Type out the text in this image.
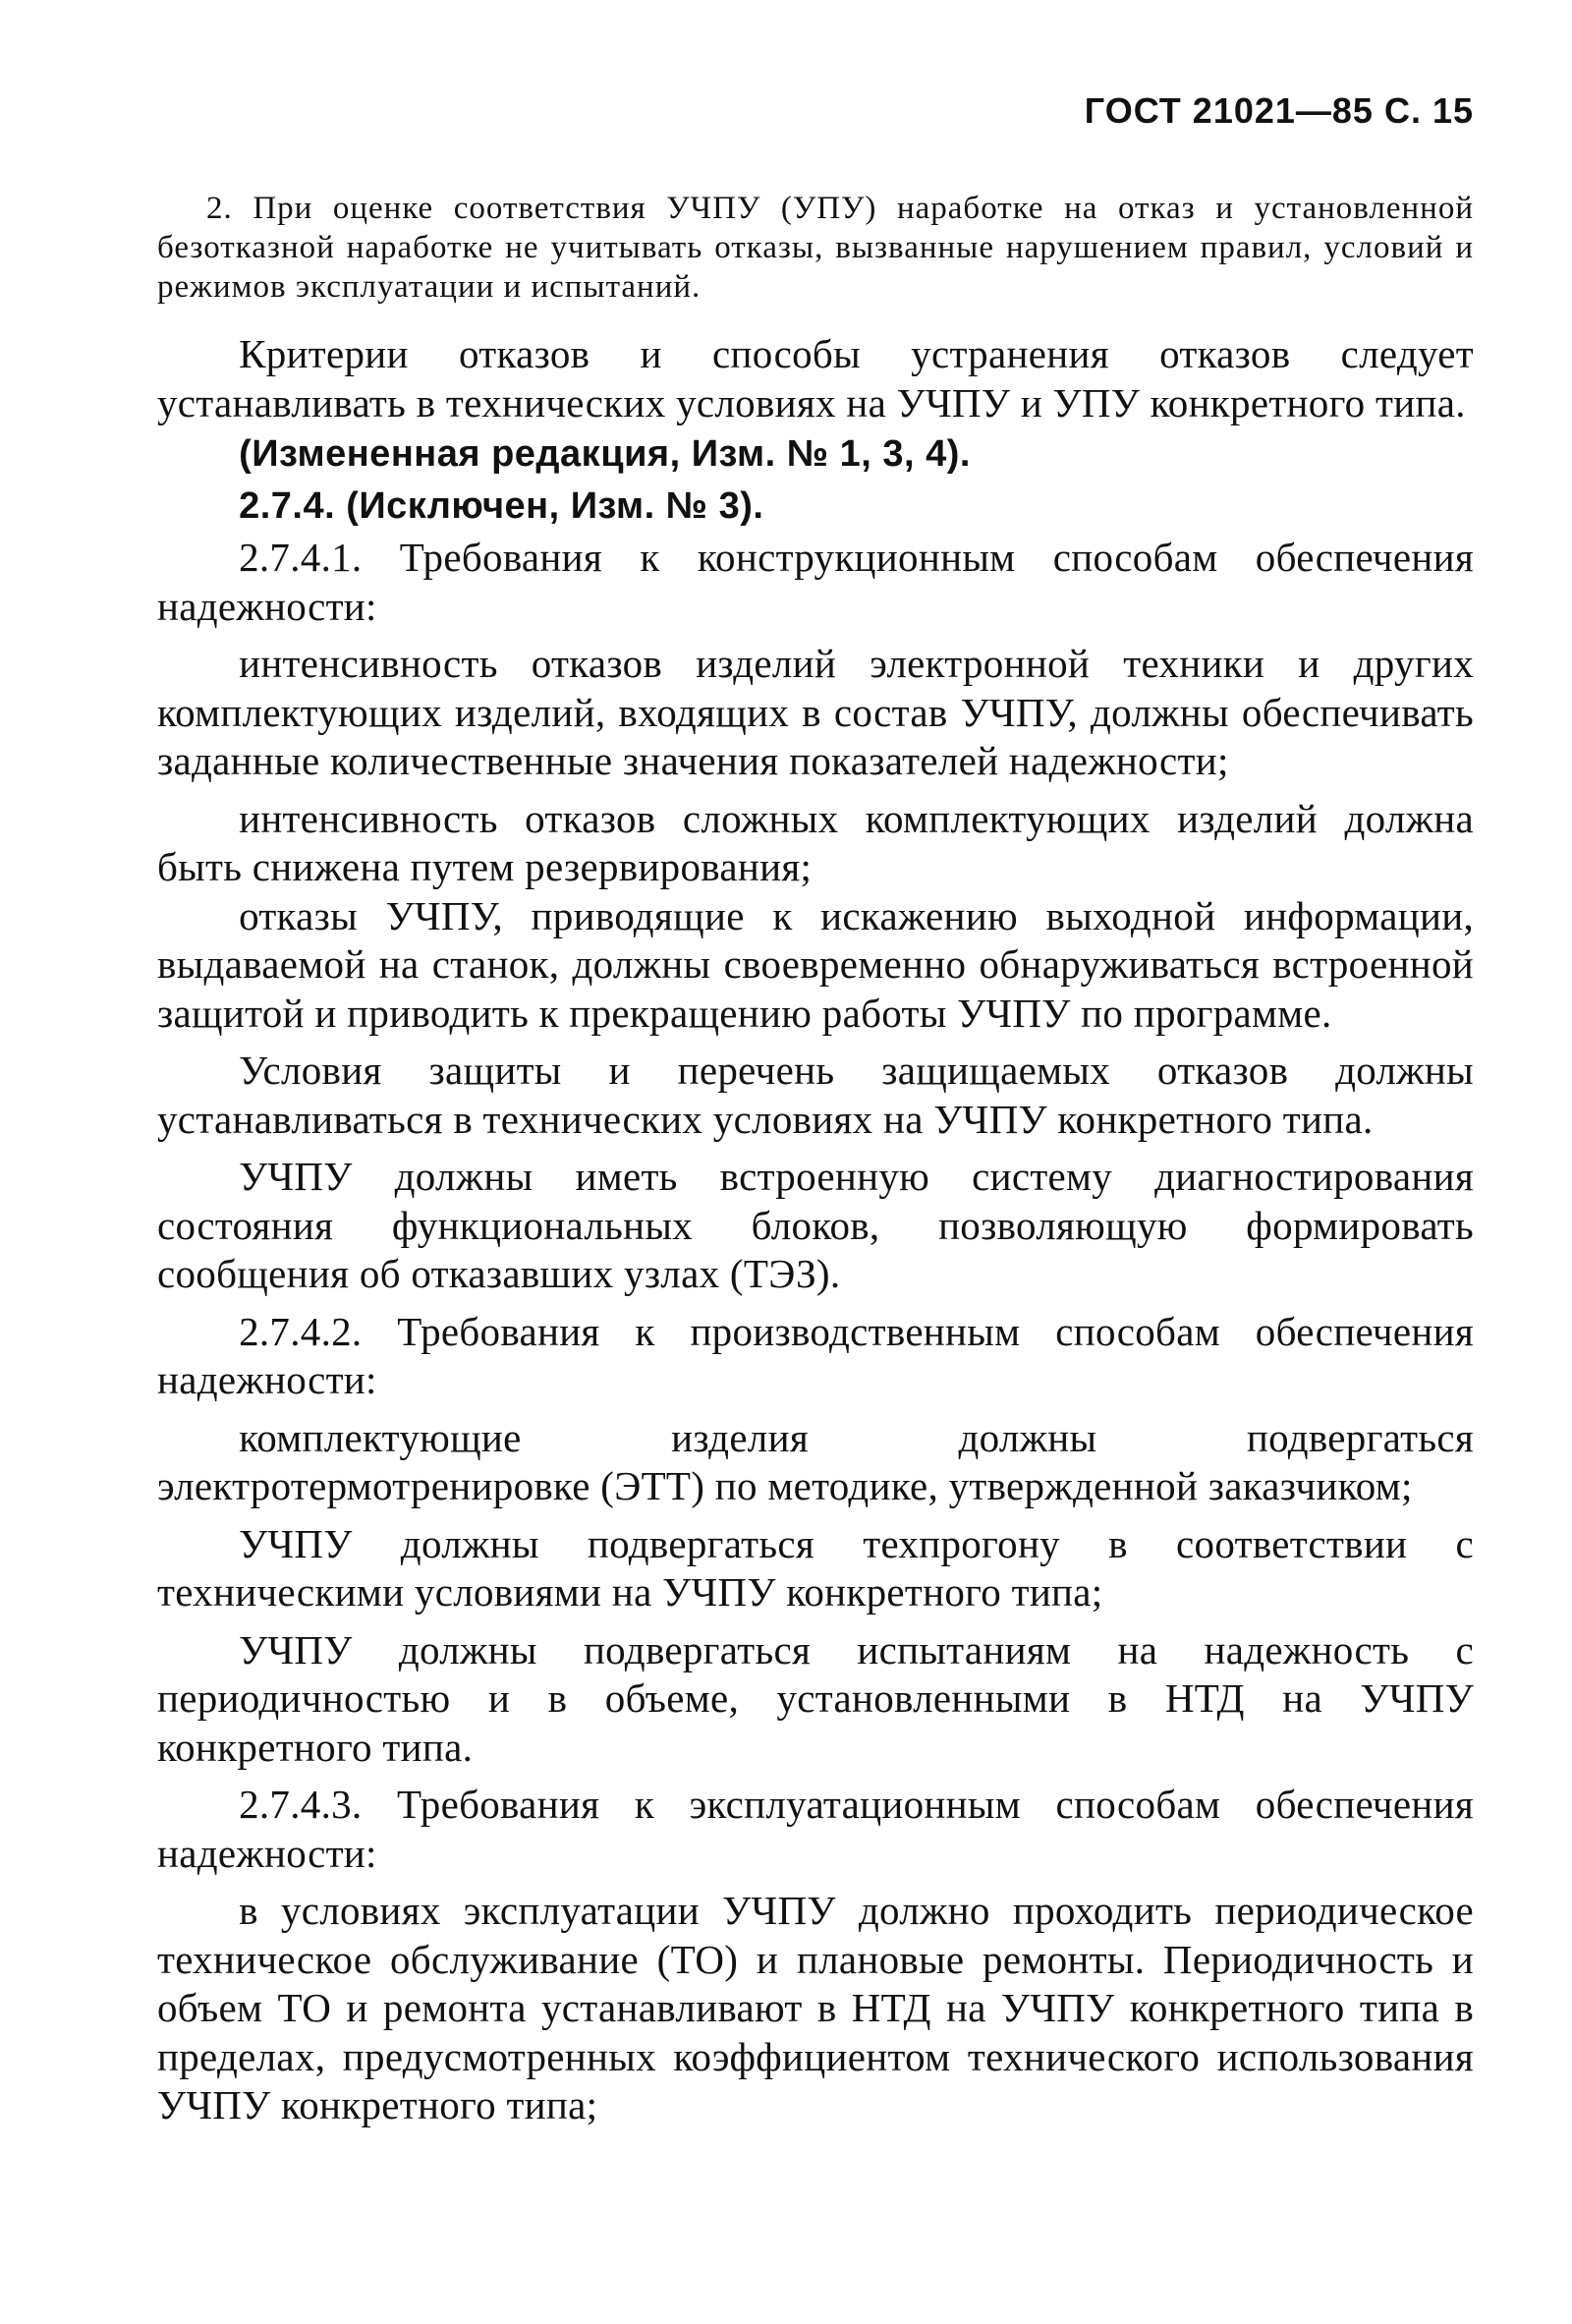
ГОСТ 21021—85 С. 15
2. При оценке соответствия УЧПУ (УПУ) наработке на отказ и установленной безотказной наработке не учитывать отказы, вызванные нарушением правил, условий и режимов эксплуатации и испытаний.

Критерии отказов и способы устранения отказов следует устанавливать в технических условиях на УЧПУ и УПУ конкретного типа.

(Измененная редакция, Изм. № 1, 3, 4).

2.7.4. (Исключен, Изм. № 3).

2.7.4.1. Требования к конструкционным способам обеспечения надежности:

интенсивность отказов изделий электронной техники и других комплектующих изделий, входящих в состав УЧПУ, должны обеспечивать заданные количественные значения показателей надежности;

интенсивность отказов сложных комплектующих изделий должна быть снижена путем резервирования;

отказы УЧПУ, приводящие к искажению выходной информации, выдаваемой на станок, должны своевременно обнаруживаться встроенной защитой и приводить к прекращению работы УЧПУ по программе.

Условия защиты и перечень защищаемых отказов должны устанавливаться в технических условиях на УЧПУ конкретного типа.

УЧПУ должны иметь встроенную систему диагностирования состояния функциональных блоков, позволяющую формировать сообщения об отказавших узлах (ТЭЗ).

2.7.4.2. Требования к производственным способам обеспечения надежности:

комплектующие изделия должны подвергаться электротермотренировке (ЭТТ) по методике, утвержденной заказчиком;

УЧПУ должны подвергаться техпрогону в соответствии с техническими условиями на УЧПУ конкретного типа;

УЧПУ должны подвергаться испытаниям на надежность с периодичностью и в объеме, установленными в НТД на УЧПУ конкретного типа.

2.7.4.3. Требования к эксплуатационным способам обеспечения надежности:

в условиях эксплуатации УЧПУ должно проходить периодическое техническое обслуживание (ТО) и плановые ремонты. Периодичность и объем ТО и ремонта устанавливают в НТД на УЧПУ конкретного типа в пределах, предусмотренных коэффициентом технического использования УЧПУ конкретного типа;
